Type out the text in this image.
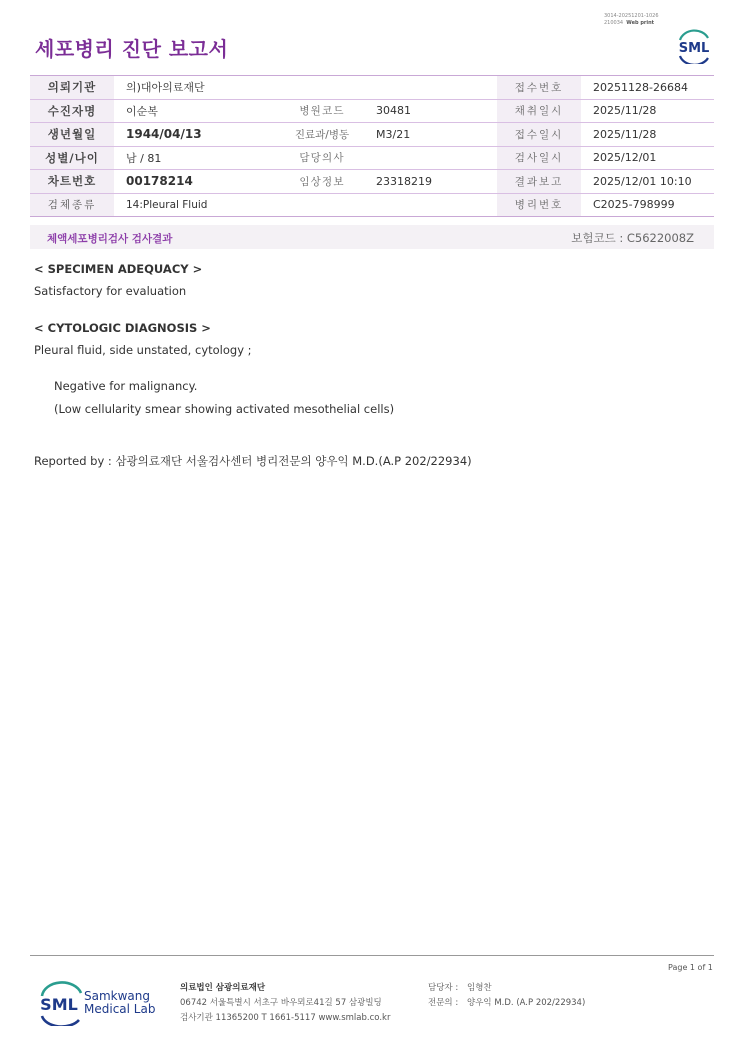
3014-20251201-1026
210034 Web print
세포병리 진단 보고서	SML
의뢰기관	의)대아의료재단			접수번호	20251128-26684
수진자명	이순복	병원코드	30481	채취일시	2025/11/28
생년월일	1944/04/13	진료과/병동	M3/21	접수일시	2025/11/28
성별/나이	남 / 81	담당의사		검사일시	2025/12/01
차트번호	00178214	임상정보	23318219	결과보고	2025/12/01 10:10
검체종류	14:Pleural Fluid			병리번호	C2025-798999
체액세포병리검사 검사결과	보험코드 : C5622008Z
< SPECIMEN ADEQUACY >
Satisfactory for evaluation
< CYTOLOGIC DIAGNOSIS >
Pleural fluid, side unstated, cytology ;
Negative for malignancy.
(Low cellularity smear showing activated mesothelial cells)
Reported by : 삼광의료재단 서울검사센터 병리전문의 양우익 M.D.(A.P 202/22934)
Page 1 of 1
SML Samkwang
Medical Lab
의료법인 삼광의료재단
06742 서울특별시 서초구 바우뫼로41길 57 삼광빌딩
검사기관 11365200 T 1661-5117 www.smlab.co.kr
담당자 : 임형찬
전문의 : 양우익 M.D. (A.P 202/22934)
